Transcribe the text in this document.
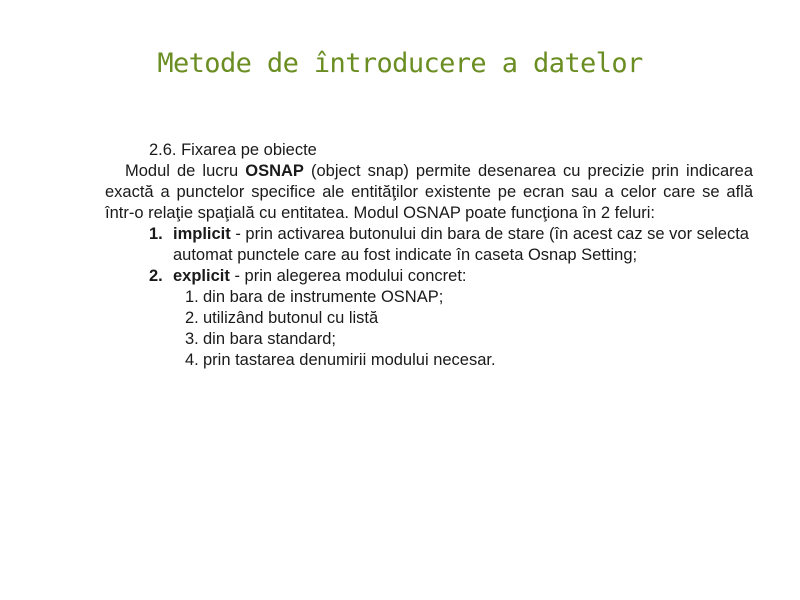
Metode de întroducere a datelor
2.6. Fixarea pe obiecte
Modul de lucru OSNAP (object snap) permite desenarea cu precizie prin indicarea exactă a punctelor specifice ale entităţilor existente pe ecran sau a celor care se află într-o relaţie spaţială cu entitatea. Modul OSNAP poate funcţiona în 2 feluri:
1. implicit - prin activarea butonului din bara de stare (în acest caz se vor selecta automat punctele care au fost indicate în caseta Osnap Setting;
2. explicit - prin alegerea modului concret:
1. din bara de instrumente OSNAP;
2. utilizând butonul cu listă
3. din bara standard;
4. prin tastarea denumirii modului necesar.
